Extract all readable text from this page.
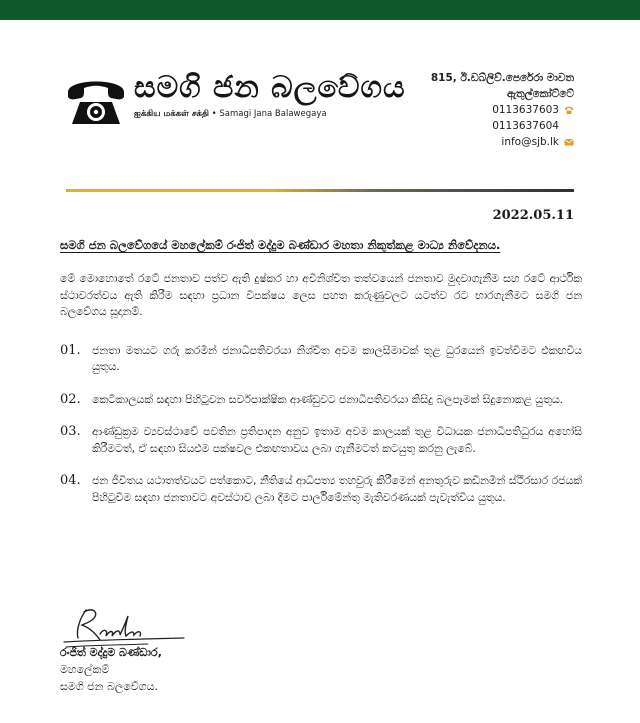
සමගි ජන බලවේගය
ஐக்கிய மக்கள் சக்தி • Samagi Jana Balawegaya
815, ඊ.ඩබ්ලිව්.පෙරේරා මාවත
ඇතුල්කෝට්ටේ
0113637603
0113637604
info@sjb.lk
2022.05.11

සමගි ජන බලවේගයේ මහලේකම් රංජිත් මද්දුම බණ්ඩාර මහතා නිකුත්කළ මාධ්‍ය නිවේදනය.

මේ මොහොතේ රටේ ජනතාව පත්ව ඇති දුෂ්කර හා අවිනිශ්චිත තත්වයෙන් ජනතාව මුදවාගැනීම සහ රටේ ආර්ථික ස්ථාවරත්වය ඇති කිරීම සඳහා ප්‍රධාන විපක්ෂය ලෙස පහත කරුණුවලට යටත්ව රට භාරගැනීමට සමගි ජන බලවේගය සූදානම්.

01.	ජනතා මතයට ගරු කරමින් ජනාධිපතිවරයා නිශ්චිත අවම කාලසීමාවක් තුළ ධුරයෙන් ඉවත්වීමට එකඟවිය යුතුය.
02.	කෙටිකාලයක් සඳහා පිහිටුවන සර්වපාක්ෂික ආණ්ඩුවට ජනාධිපතිවරයා කිසිදු බලපෑමක් සිදුනොකළ යුතුය.
03.	ආණ්ඩුක්‍රම ව්‍යවස්ථාවේ පවතින ප්‍රතිපාදන අනුව ඉතාම අවම කාලයක් තුළ විධායක ජනාධිපතිධුරය අහෝසි කිරීමටත්, ඒ සඳහා සියළුම පක්ෂවල එකඟතාවය ලබා ගැනීමටත් කටයුතු කරනු ලැබේ.
04.	ජන ජීවිතය යථාතත්වයට පත්කොට, නීතියේ ආධිපත්‍ය තහවුරු කිරීමෙන් අනතුරුව කඩිනමින් ස්ථිරසාර රජයක් පිහිටුවීම සඳහා ජනතාවට අවස්ථාව ලබා දීමට පාර්ලිමේන්තු මැතිවරණයක් පැවැත්විය යුතුය.
රංජිත් මද්දුම බණ්ඩාර,
මහලේකම්
සමගි ජන බලවේගය.
